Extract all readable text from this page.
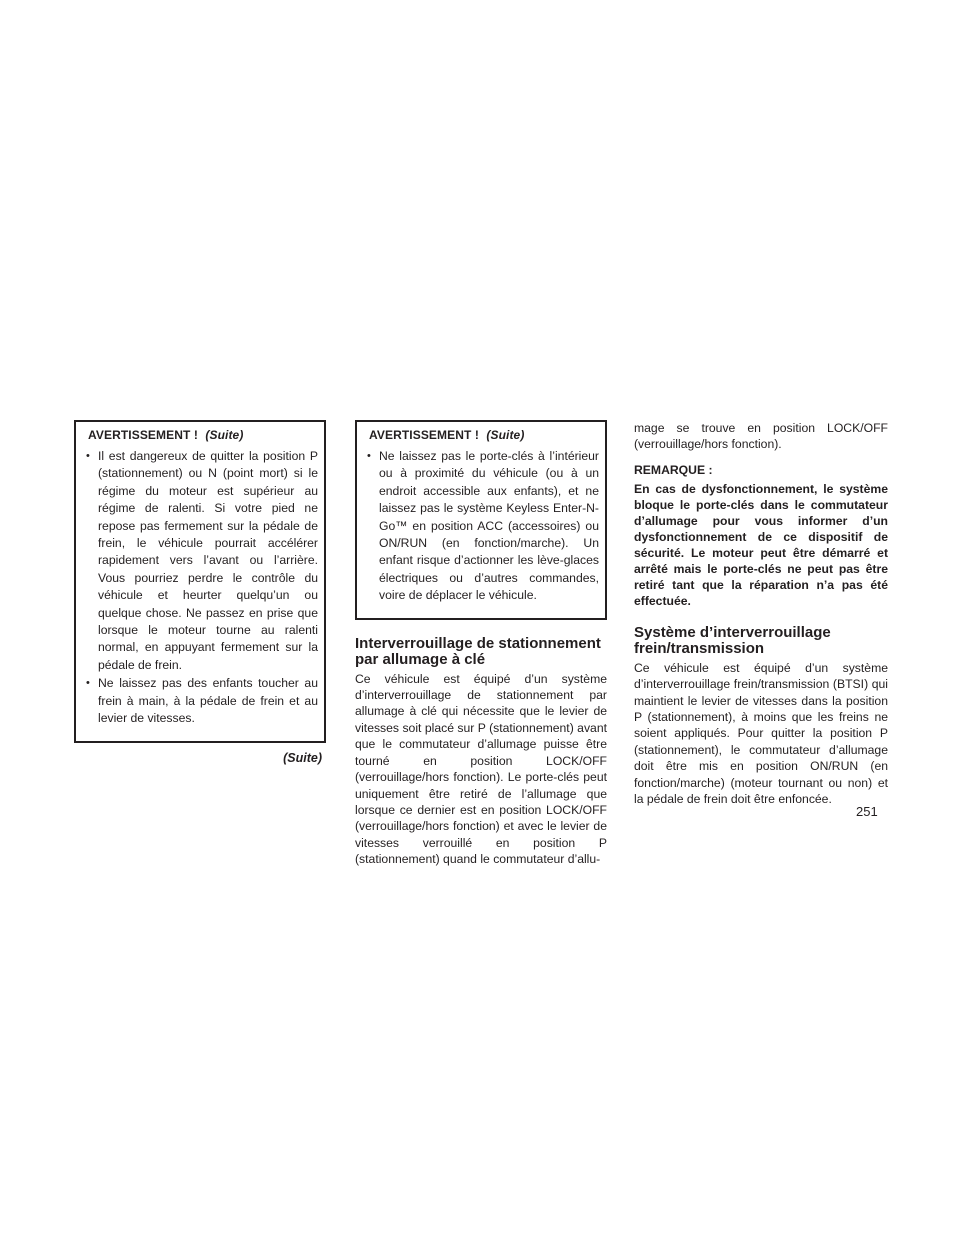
AVERTISSEMENT ! (Suite)
• Il est dangereux de quitter la position P (stationnement) ou N (point mort) si le régime du moteur est supérieur au régime de ralenti. Si votre pied ne repose pas fermement sur la pédale de frein, le véhicule pourrait accélérer rapidement vers l’avant ou l’arrière. Vous pourriez perdre le contrôle du véhicule et heurter quelqu’un ou quelque chose. Ne passez en prise que lorsque le moteur tourne au ralenti normal, en appuyant fermement sur la pédale de frein.
• Ne laissez pas des enfants toucher au frein à main, à la pédale de frein et au levier de vitesses.
(Suite)
AVERTISSEMENT ! (Suite)
• Ne laissez pas le porte-clés à l’intérieur ou à proximité du véhicule (ou à un endroit accessible aux enfants), et ne laissez pas le système Keyless Enter-N-Go™ en position ACC (accessoires) ou ON/RUN (en fonction/marche). Un enfant risque d’actionner les lève-glaces électriques ou d’autres commandes, voire de déplacer le véhicule.
Interverrouillage de stationnement
par allumage à clé

Ce véhicule est équipé d’un système d’interverrouillage de stationnement par allumage à clé qui nécessite que le levier de vitesses soit placé sur P (stationnement) avant que le commutateur d’allumage puisse être tourné en position LOCK/OFF (verrouillage/hors fonction). Le porte-clés peut uniquement être retiré de l’allumage que lorsque ce dernier est en position LOCK/OFF (verrouillage/hors fonction) et avec le levier de vitesses verrouillé en position P (stationnement) quand le commutateur d’allu-

mage se trouve en position LOCK/OFF (verrouillage/hors fonction).

REMARQUE :

En cas de dysfonctionnement, le système bloque le porte-clés dans le commutateur d’allumage pour vous informer d’un dysfonctionnement de ce dispositif de sécurité. Le moteur peut être démarré et arrêté mais le porte-clés ne peut pas être retiré tant que la réparation n’a pas été effectuée.

Système d’interverrouillage
frein/transmission

Ce véhicule est équipé d’un système d’interverrouillage frein/transmission (BTSI) qui maintient le levier de vitesses dans la position P (stationnement), à moins que les freins ne soient appliqués. Pour quitter la position P (stationnement), le commutateur d’allumage doit être mis en position ON/RUN (en fonction/marche) (moteur tournant ou non) et la pédale de frein doit être enfoncée.

251
